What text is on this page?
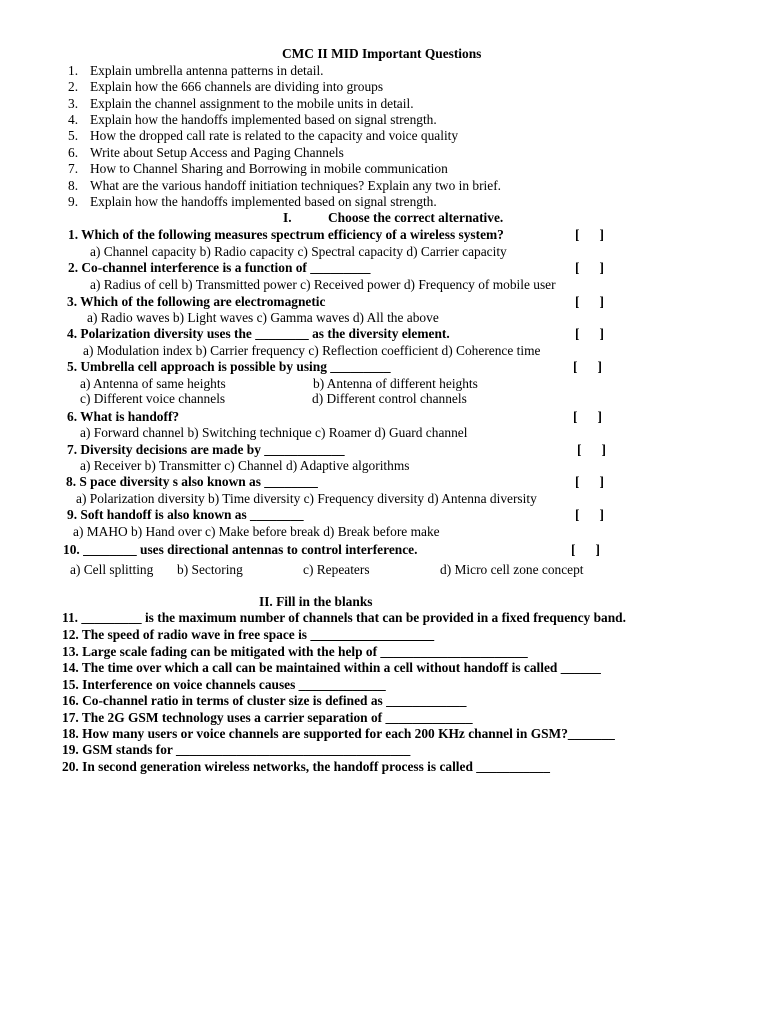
CMC II MID Important Questions
1. Explain umbrella antenna patterns in detail.
2. Explain how the 666 channels are dividing into groups
3. Explain the channel assignment to the mobile units in detail.
4. Explain how the handoffs implemented based on signal strength.
5. How the dropped call rate is related to the capacity and voice quality
6. Write about Setup Access and Paging Channels
7. How to Channel Sharing and Borrowing in mobile communication
8. What are the various handoff initiation techniques? Explain any two in brief.
9. Explain how the handoffs implemented based on signal strength.
I.	Choose the correct alternative.
1. Which of the following measures spectrum efficiency of a wireless system?	[      ]
a) Channel capacity b) Radio capacity c) Spectral capacity d) Carrier capacity
2. Co-channel interference is a function of _________	[      ]
a) Radius of cell b) Transmitted power c) Received power d) Frequency of mobile user
3. Which of the following are electromagnetic	[      ]
a) Radio waves b) Light waves c) Gamma waves d) All the above
4. Polarization diversity uses the ________ as the diversity element.	[      ]
a) Modulation index b) Carrier frequency c) Reflection coefficient d) Coherence time
5. Umbrella cell approach is possible by using _________	[      ]
a) Antenna of same heights	b) Antenna of different heights
c) Different voice channels	d) Different control channels
6. What is handoff?	[      ]
a) Forward channel b) Switching technique c) Roamer d) Guard channel
7. Diversity decisions are made by ____________	[      ]
a) Receiver b) Transmitter c) Channel d) Adaptive algorithms
8. S pace diversity s also known as ________	[      ]
a) Polarization diversity b) Time diversity c) Frequency diversity d) Antenna diversity
9. Soft handoff is also known as ________	[      ]
a) MAHO b) Hand over c) Make before break d) Break before make
10. ________ uses directional antennas to control interference.	[      ]
a) Cell splitting b) Sectoring	c) Repeaters	d) Micro cell zone concept
II. Fill in the blanks
11. _________ is the maximum number of channels that can be provided in a fixed frequency band.
12. The speed of radio wave in free space is
13. Large scale fading can be mitigated with the help of ______________________
14. The time over which a call can be maintained within a cell without handoff is called ______
15. Interference on voice channels causes _____________
16. Co-channel ratio in terms of cluster size is defined as ____________
17. The 2G GSM technology uses a carrier separation of _____________
18. How many users or voice channels are supported for each 200 KHz channel in GSM?_______
19. GSM stands for ___________________________________
20. In second generation wireless networks, the handoff process is called ___________
